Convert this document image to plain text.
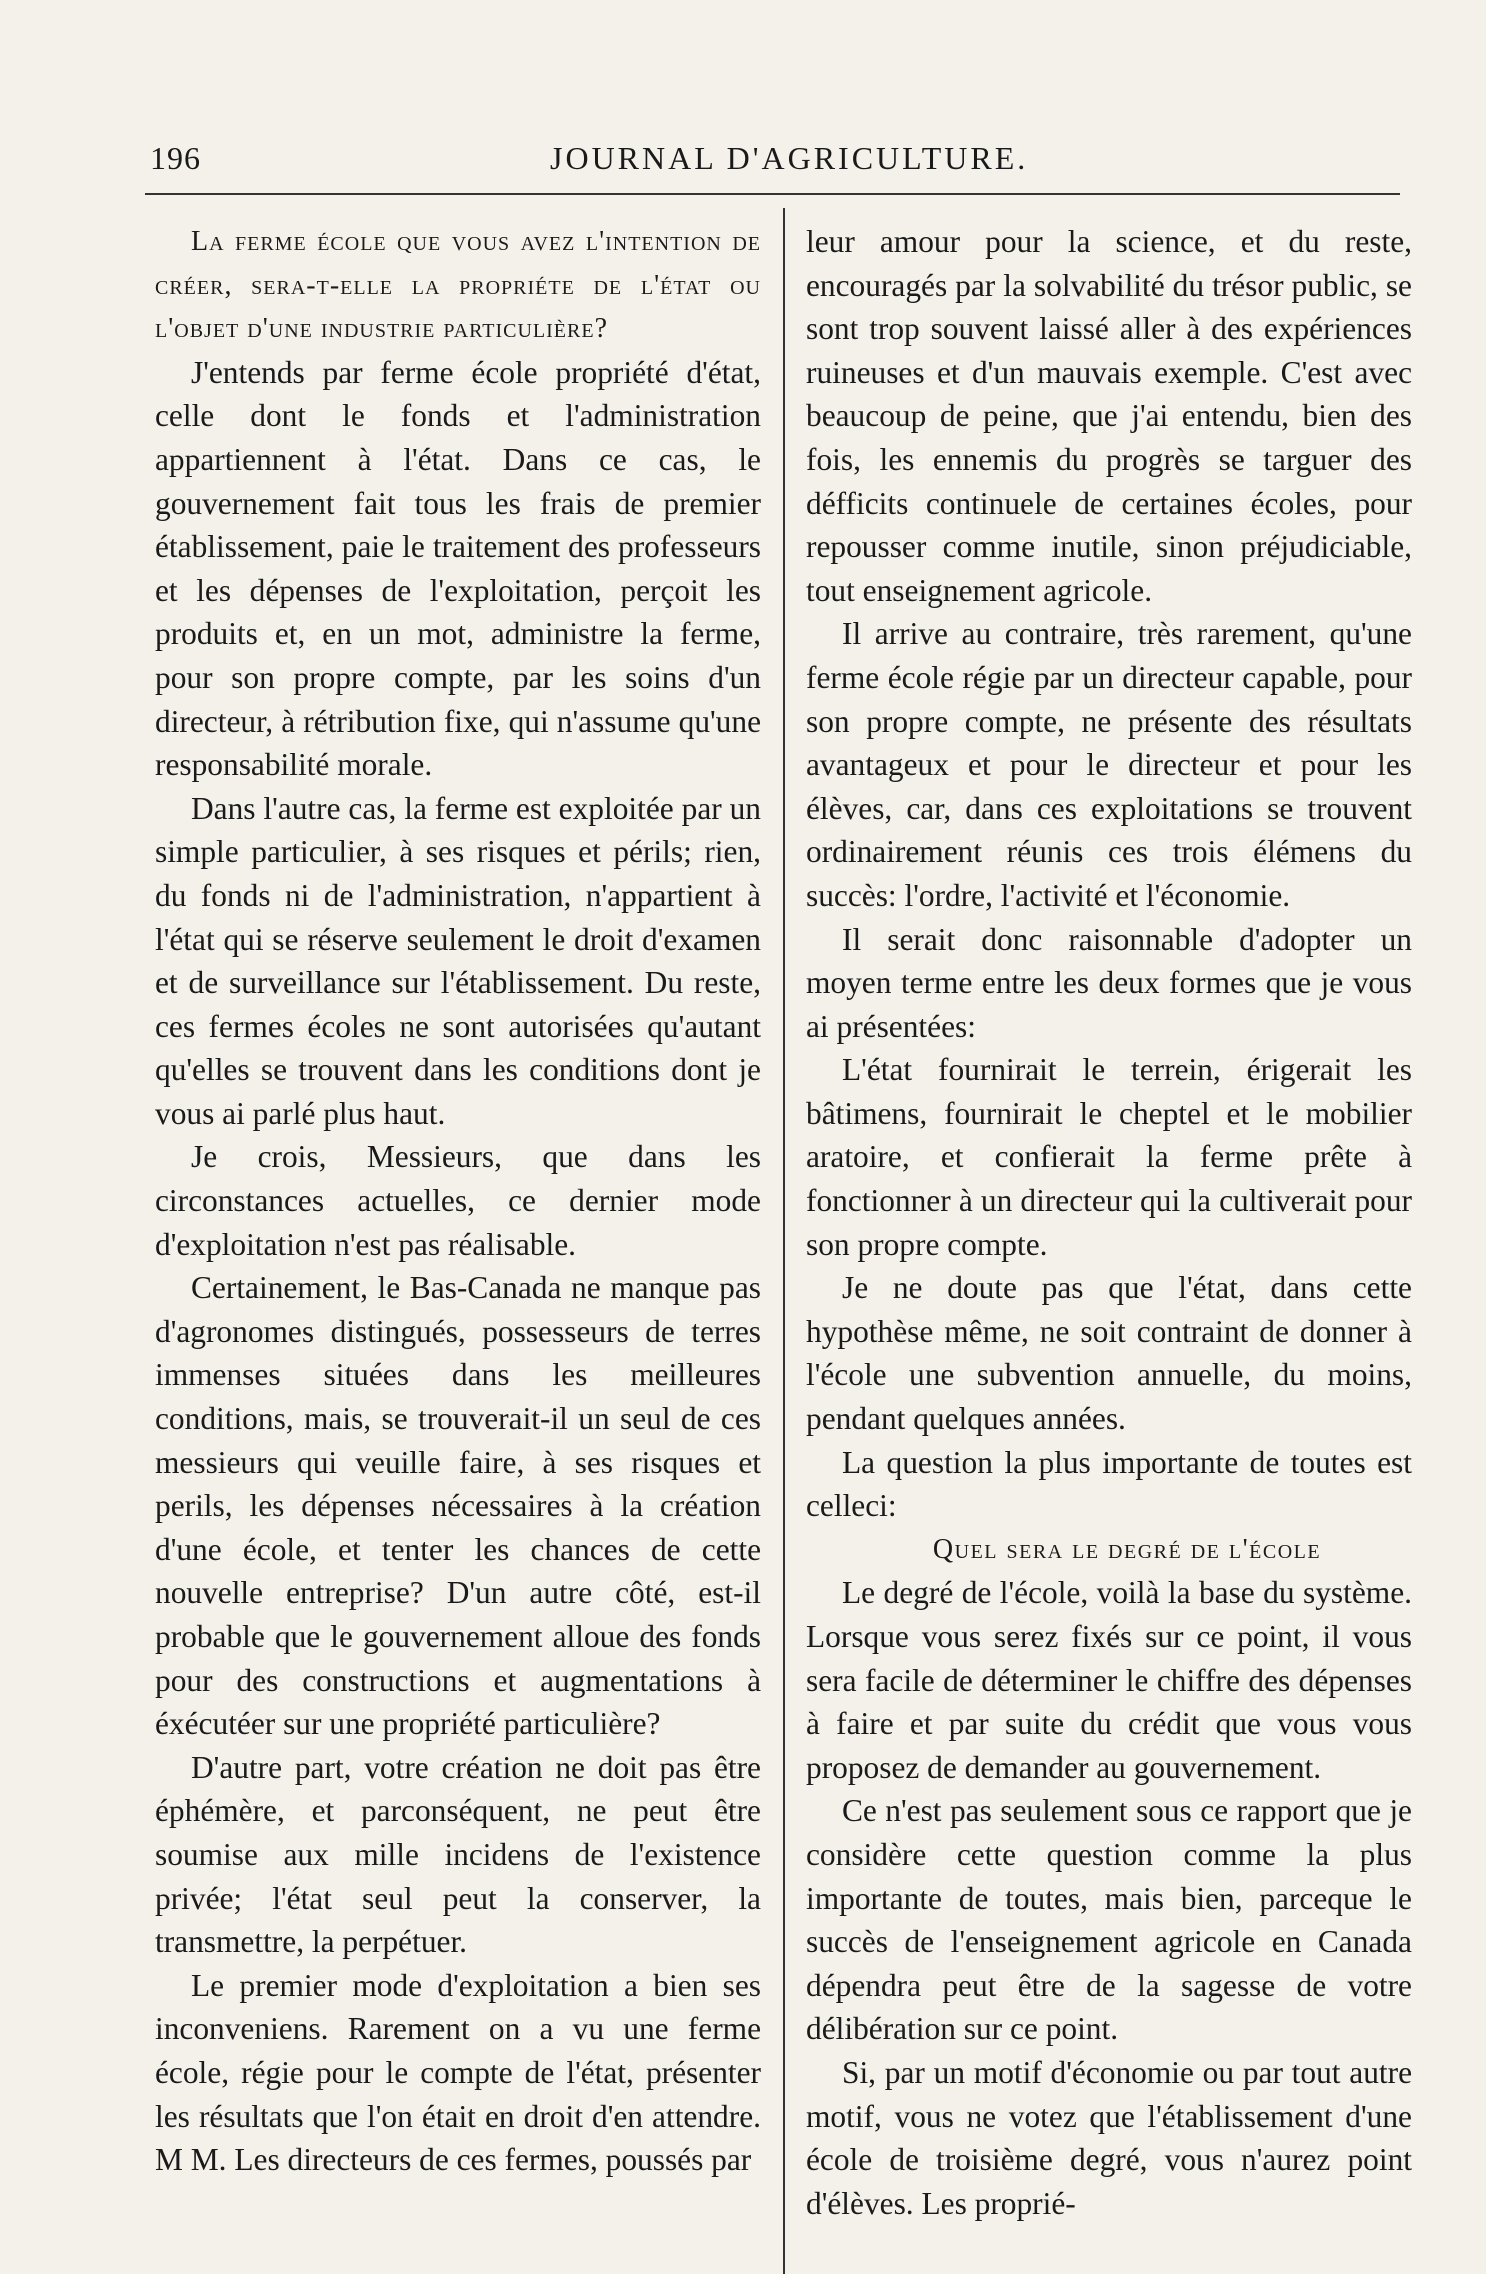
196	JOURNAL D'AGRICULTURE.

La ferme école que vous avez l'intention de créer, sera-t-elle la propriéte de l'état ou l'objet d'une industrie particulière?

J'entends par ferme école propriété d'état, celle dont le fonds et l'administration appartiennent à l'état. Dans ce cas, le gouvernement fait tous les frais de premier établissement, paie le traitement des professeurs et les dépenses de l'exploitation, perçoit les produits et, en un mot, administre la ferme, pour son propre compte, par les soins d'un directeur, à rétribution fixe, qui n'assume qu'une responsabilité morale.

Dans l'autre cas, la ferme est exploitée par un simple particulier, à ses risques et périls; rien, du fonds ni de l'administration, n'appartient à l'état qui se réserve seulement le droit d'examen et de surveillance sur l'établissement. Du reste, ces fermes écoles ne sont autorisées qu'autant qu'elles se trouvent dans les conditions dont je vous ai parlé plus haut.

Je crois, Messieurs, que dans les circonstances actuelles, ce dernier mode d'exploitation n'est pas réalisable.

Certainement, le Bas-Canada ne manque pas d'agronomes distingués, possesseurs de terres immenses situées dans les meilleures conditions, mais, se trouverait-il un seul de ces messieurs qui veuille faire, à ses risques et perils, les dépenses nécessaires à la création d'une école, et tenter les chances de cette nouvelle entreprise? D'un autre côté, est-il probable que le gouvernement alloue des fonds pour des constructions et augmentations à éxécutéer sur une propriété particulière?

D'autre part, votre création ne doit pas être éphémère, et parconséquent, ne peut être soumise aux mille incidens de l'existence privée; l'état seul peut la conserver, la transmettre, la perpétuer.

Le premier mode d'exploitation a bien ses inconveniens. Rarement on a vu une ferme école, régie pour le compte de l'état, présenter les résultats que l'on était en droit d'en attendre. M M. Les directeurs de ces fermes, poussés par

leur amour pour la science, et du reste, encouragés par la solvabilité du trésor public, se sont trop souvent laissé aller à des expériences ruineuses et d'un mauvais exemple. C'est avec beaucoup de peine, que j'ai entendu, bien des fois, les ennemis du progrès se targuer des défficits continuele de certaines écoles, pour repousser comme inutile, sinon préjudiciable, tout enseignement agricole.

Il arrive au contraire, très rarement, qu'une ferme école régie par un directeur capable, pour son propre compte, ne présente des résultats avantageux et pour le directeur et pour les élèves, car, dans ces exploitations se trouvent ordinairement réunis ces trois élémens du succès: l'ordre, l'activité et l'économie.

Il serait donc raisonnable d'adopter un moyen terme entre les deux formes que je vous ai présentées:

L'état fournirait le terrein, érigerait les bâtimens, fournirait le cheptel et le mobilier aratoire, et confierait la ferme prête à fonctionner à un directeur qui la cultiverait pour son propre compte.

Je ne doute pas que l'état, dans cette hypothèse même, ne soit contraint de donner à l'école une subvention annuelle, du moins, pendant quelques années.

La question la plus importante de toutes est celleci:

Quel sera le degré de l'école

Le degré de l'école, voilà la base du système. Lorsque vous serez fixés sur ce point, il vous sera facile de déterminer le chiffre des dépenses à faire et par suite du crédit que vous vous proposez de demander au gouvernement.

Ce n'est pas seulement sous ce rapport que je considère cette question comme la plus importante de toutes, mais bien, parceque le succès de l'enseignement agricole en Canada dépendra peut être de la sagesse de votre délibération sur ce point.

Si, par un motif d'économie ou par tout autre motif, vous ne votez que l'établissement d'une école de troisième degré, vous n'aurez point d'élèves. Les proprié-
